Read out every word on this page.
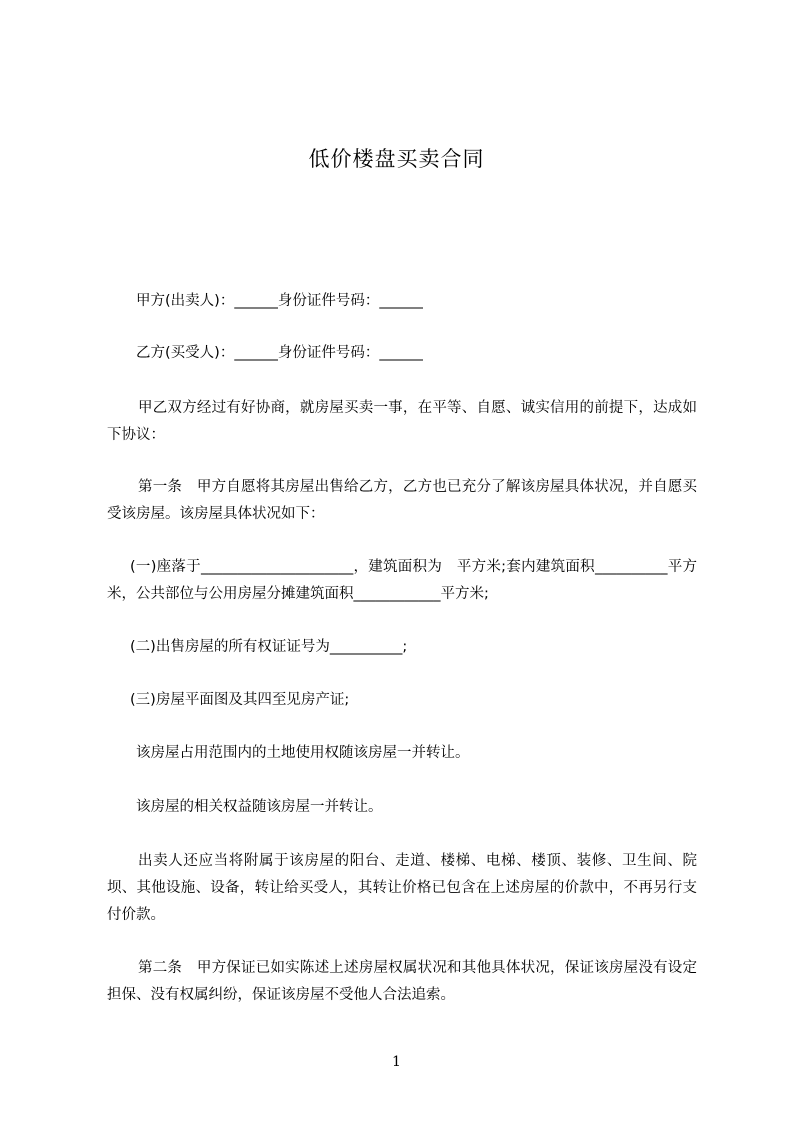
低价楼盘买卖合同
甲方(出卖人)：______身份证件号码：______
乙方(买受人)：______身份证件号码：______
甲乙双方经过有好协商，就房屋买卖一事，在平等、自愿、诚实信用的前提下，达成如下协议：
第一条　甲方自愿将其房屋出售给乙方，乙方也已充分了解该房屋具体状况，并自愿买受该房屋。该房屋具体状况如下：
(一)座落于_____________________，建筑面积为　平方米;套内建筑面积__________平方米，公共部位与公用房屋分摊建筑面积____________平方米;
(二)出售房屋的所有权证证号为__________;
(三)房屋平面图及其四至见房产证;
该房屋占用范围内的土地使用权随该房屋一并转让。
该房屋的相关权益随该房屋一并转让。
出卖人还应当将附属于该房屋的阳台、走道、楼梯、电梯、楼顶、装修、卫生间、院坝、其他设施、设备，转让给买受人，其转让价格已包含在上述房屋的价款中，不再另行支付价款。
第二条　甲方保证已如实陈述上述房屋权属状况和其他具体状况，保证该房屋没有设定担保、没有权属纠纷，保证该房屋不受他人合法追索。
1
